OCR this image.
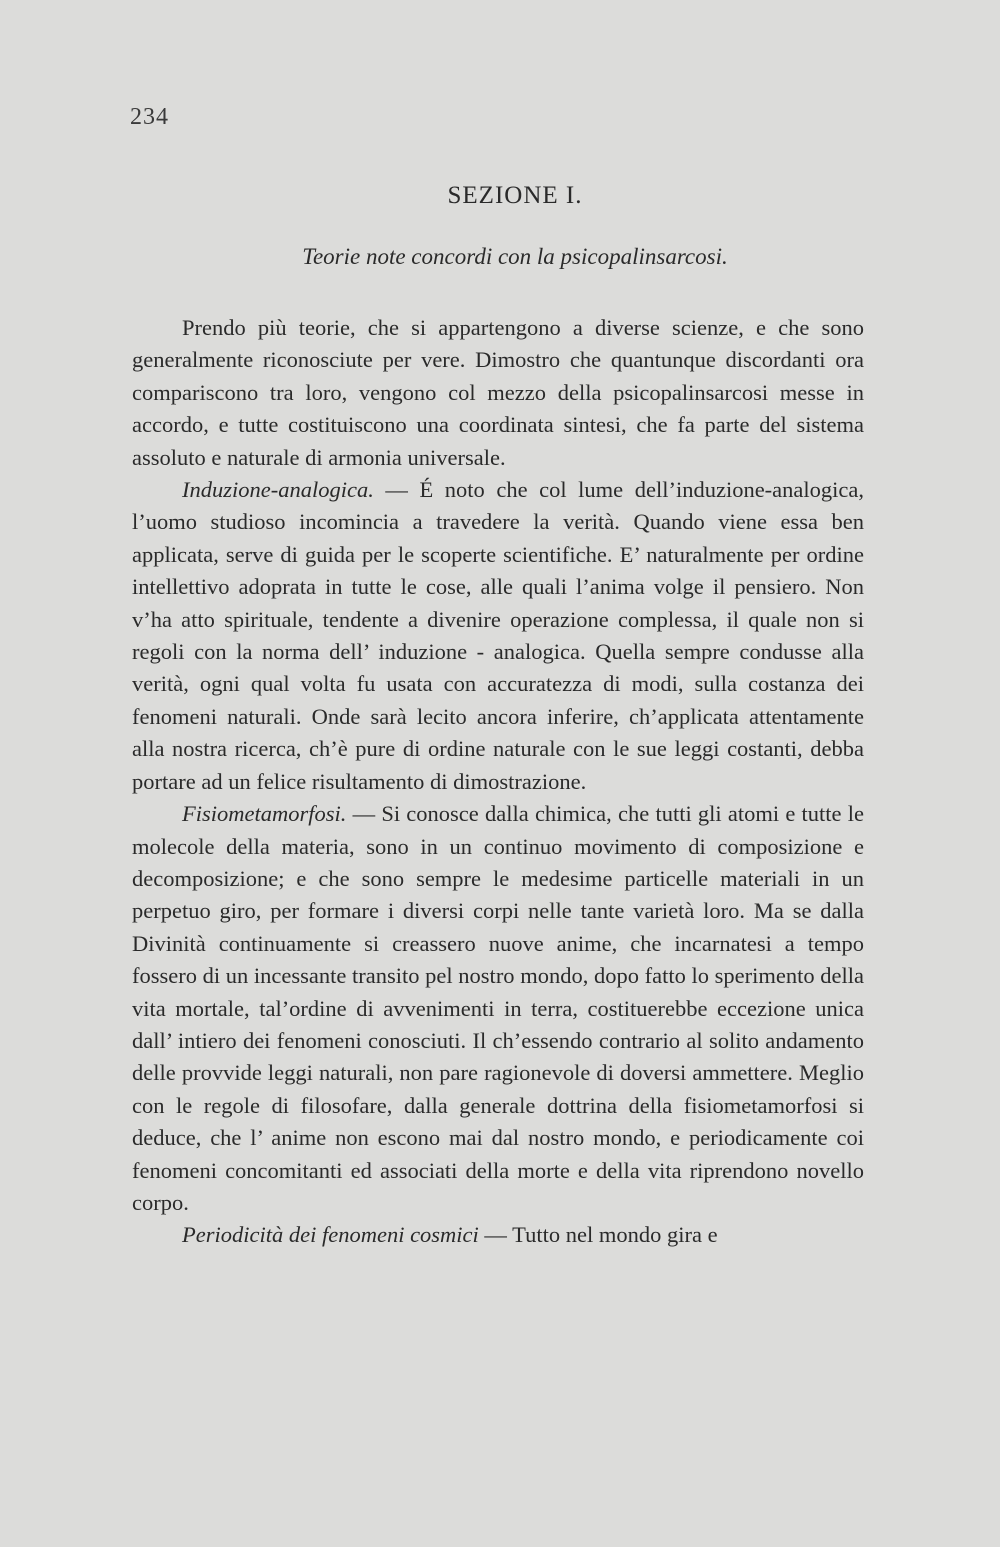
234
SEZIONE I.
Teorie note concordi con la psicopalinsarcosi.

Prendo più teorie, che si appartengono a diverse scienze, e che sono generalmente riconosciute per vere. Dimostro che quantunque discordanti ora compariscono tra loro, vengono col mezzo della psicopalinsarcosi messe in accordo, e tutte costituiscono una coordinata sintesi, che fa parte del sistema assoluto e naturale di armonia universale.

Induzione-analogica. — É noto che col lume dell’induzione-analogica, l’uomo studioso incomincia a travedere la verità. Quando viene essa ben applicata, serve di guida per le scoperte scientifiche. E’ naturalmente per ordine intellettivo adoprata in tutte le cose, alle quali l’anima volge il pensiero. Non v’ha atto spirituale, tendente a divenire operazione complessa, il quale non si regoli con la norma dell’ induzione - analogica. Quella sempre condusse alla verità, ogni qual volta fu usata con accuratezza di modi, sulla costanza dei fenomeni naturali. Onde sarà lecito ancora inferire, ch’applicata attentamente alla nostra ricerca, ch’è pure di ordine naturale con le sue leggi costanti, debba portare ad un felice risultamento di dimostrazione.

Fisiometamorfosi. — Si conosce dalla chimica, che tutti gli atomi e tutte le molecole della materia, sono in un continuo movimento di composizione e decomposizione; e che sono sempre le medesime particelle materiali in un perpetuo giro, per formare i diversi corpi nelle tante varietà loro. Ma se dalla Divinità continuamente si creassero nuove anime, che incarnatesi a tempo fossero di un incessante transito pel nostro mondo, dopo fatto lo sperimento della vita mortale, tal’ordine di avvenimenti in terra, costituerebbe eccezione unica dall’ intiero dei fenomeni conosciuti. Il ch’essendo contrario al solito andamento delle provvide leggi naturali, non pare ragionevole di doversi ammettere. Meglio con le regole di filosofare, dalla generale dottrina della fisiometamorfosi si deduce, che l’ anime non escono mai dal nostro mondo, e periodicamente coi fenomeni concomitanti ed associati della morte e della vita riprendono novello corpo.

Periodicità dei fenomeni cosmici — Tutto nel mondo gira e
